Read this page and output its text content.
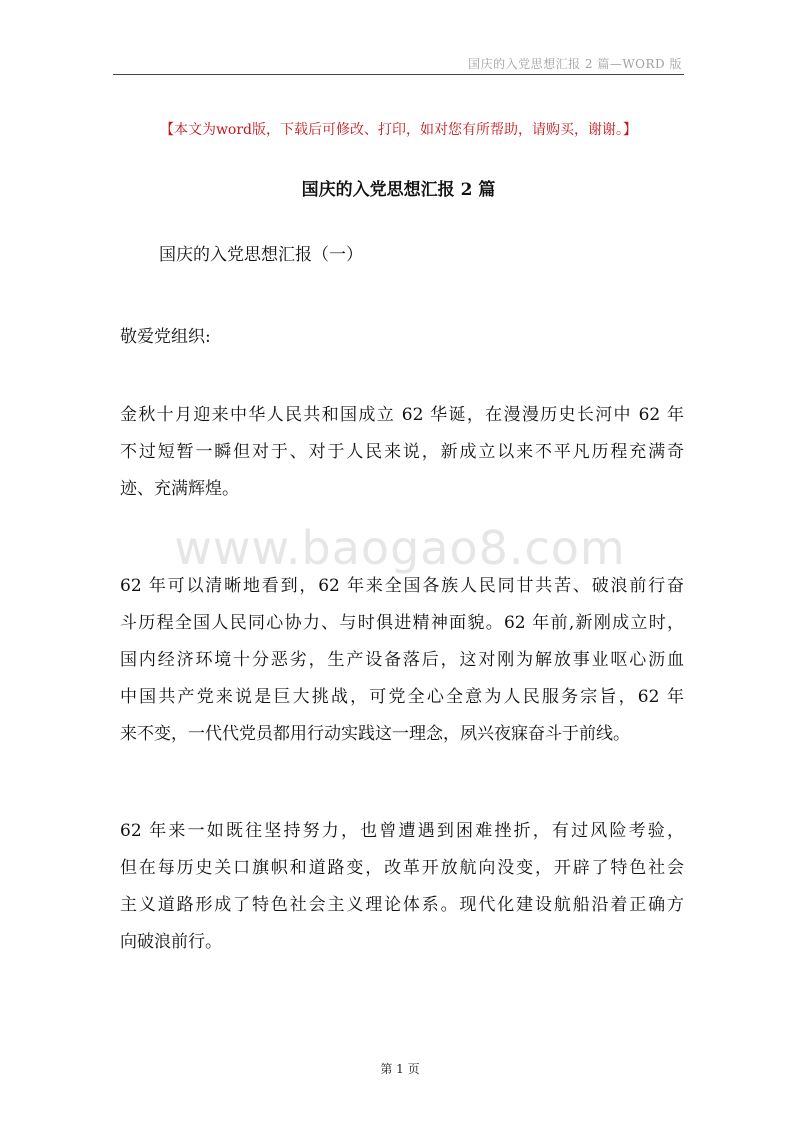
国庆的入党思想汇报 2 篇—WORD 版
【本文为word版，下载后可修改、打印，如对您有所帮助，请购买，谢谢。】
国庆的入党思想汇报 2 篇
国庆的入党思想汇报（一）
敬爱党组织:
www.baogao8.com
金秋十月迎来中华人民共和国成立 62 华诞，在漫漫历史长河中 62 年
不过短暂一瞬但对于、对于人民来说，新成立以来不平凡历程充满奇
迹、充满辉煌。
62 年可以清晰地看到，62 年来全国各族人民同甘共苦、破浪前行奋
斗历程全国人民同心协力、与时俱进精神面貌。62 年前,新刚成立时，
国内经济环境十分恶劣，生产设备落后，这对刚为解放事业呕心沥血
中国共产党来说是巨大挑战，可党全心全意为人民服务宗旨，62 年
来不变，一代代党员都用行动实践这一理念，夙兴夜寐奋斗于前线。
62 年来一如既往坚持努力，也曾遭遇到困难挫折，有过风险考验，
但在每历史关口旗帜和道路变，改革开放航向没变，开辟了特色社会
主义道路形成了特色社会主义理论体系。现代化建设航船沿着正确方
向破浪前行。
第 1 页
